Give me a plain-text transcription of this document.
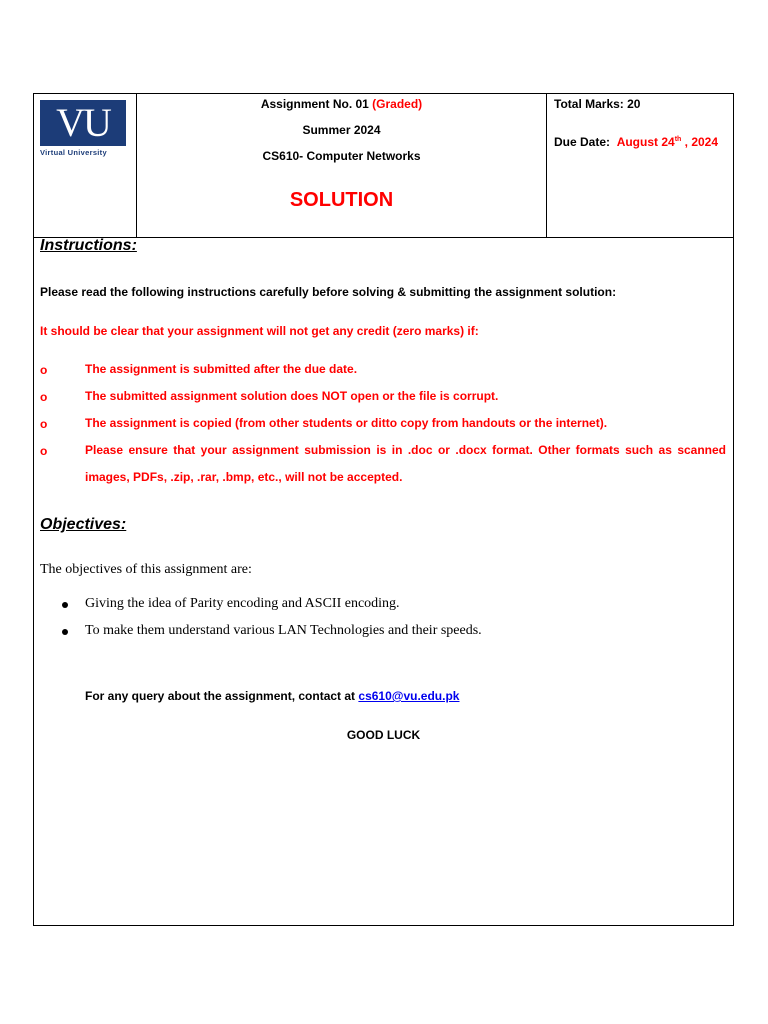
VU
Virtual University
Assignment No. 01 (Graded)
Summer 2024
CS610- Computer Networks
SOLUTION
Total Marks: 20
Due Date: August 24th , 2024
Instructions:
Please read the following instructions carefully before solving & submitting the assignment solution:
It should be clear that your assignment will not get any credit (zero marks) if:
o	The assignment is submitted after the due date.
o	The submitted assignment solution does NOT open or the file is corrupt.
o	The assignment is copied (from other students or ditto copy from handouts or the internet).
o	Please ensure that your assignment submission is in .doc or .docx format. Other formats such as scanned images, PDFs, .zip, .rar, .bmp, etc., will not be accepted.
Objectives:
The objectives of this assignment are:
Giving the idea of Parity encoding and ASCII encoding.
To make them understand various LAN Technologies and their speeds.
For any query about the assignment, contact at cs610@vu.edu.pk
GOOD LUCK
